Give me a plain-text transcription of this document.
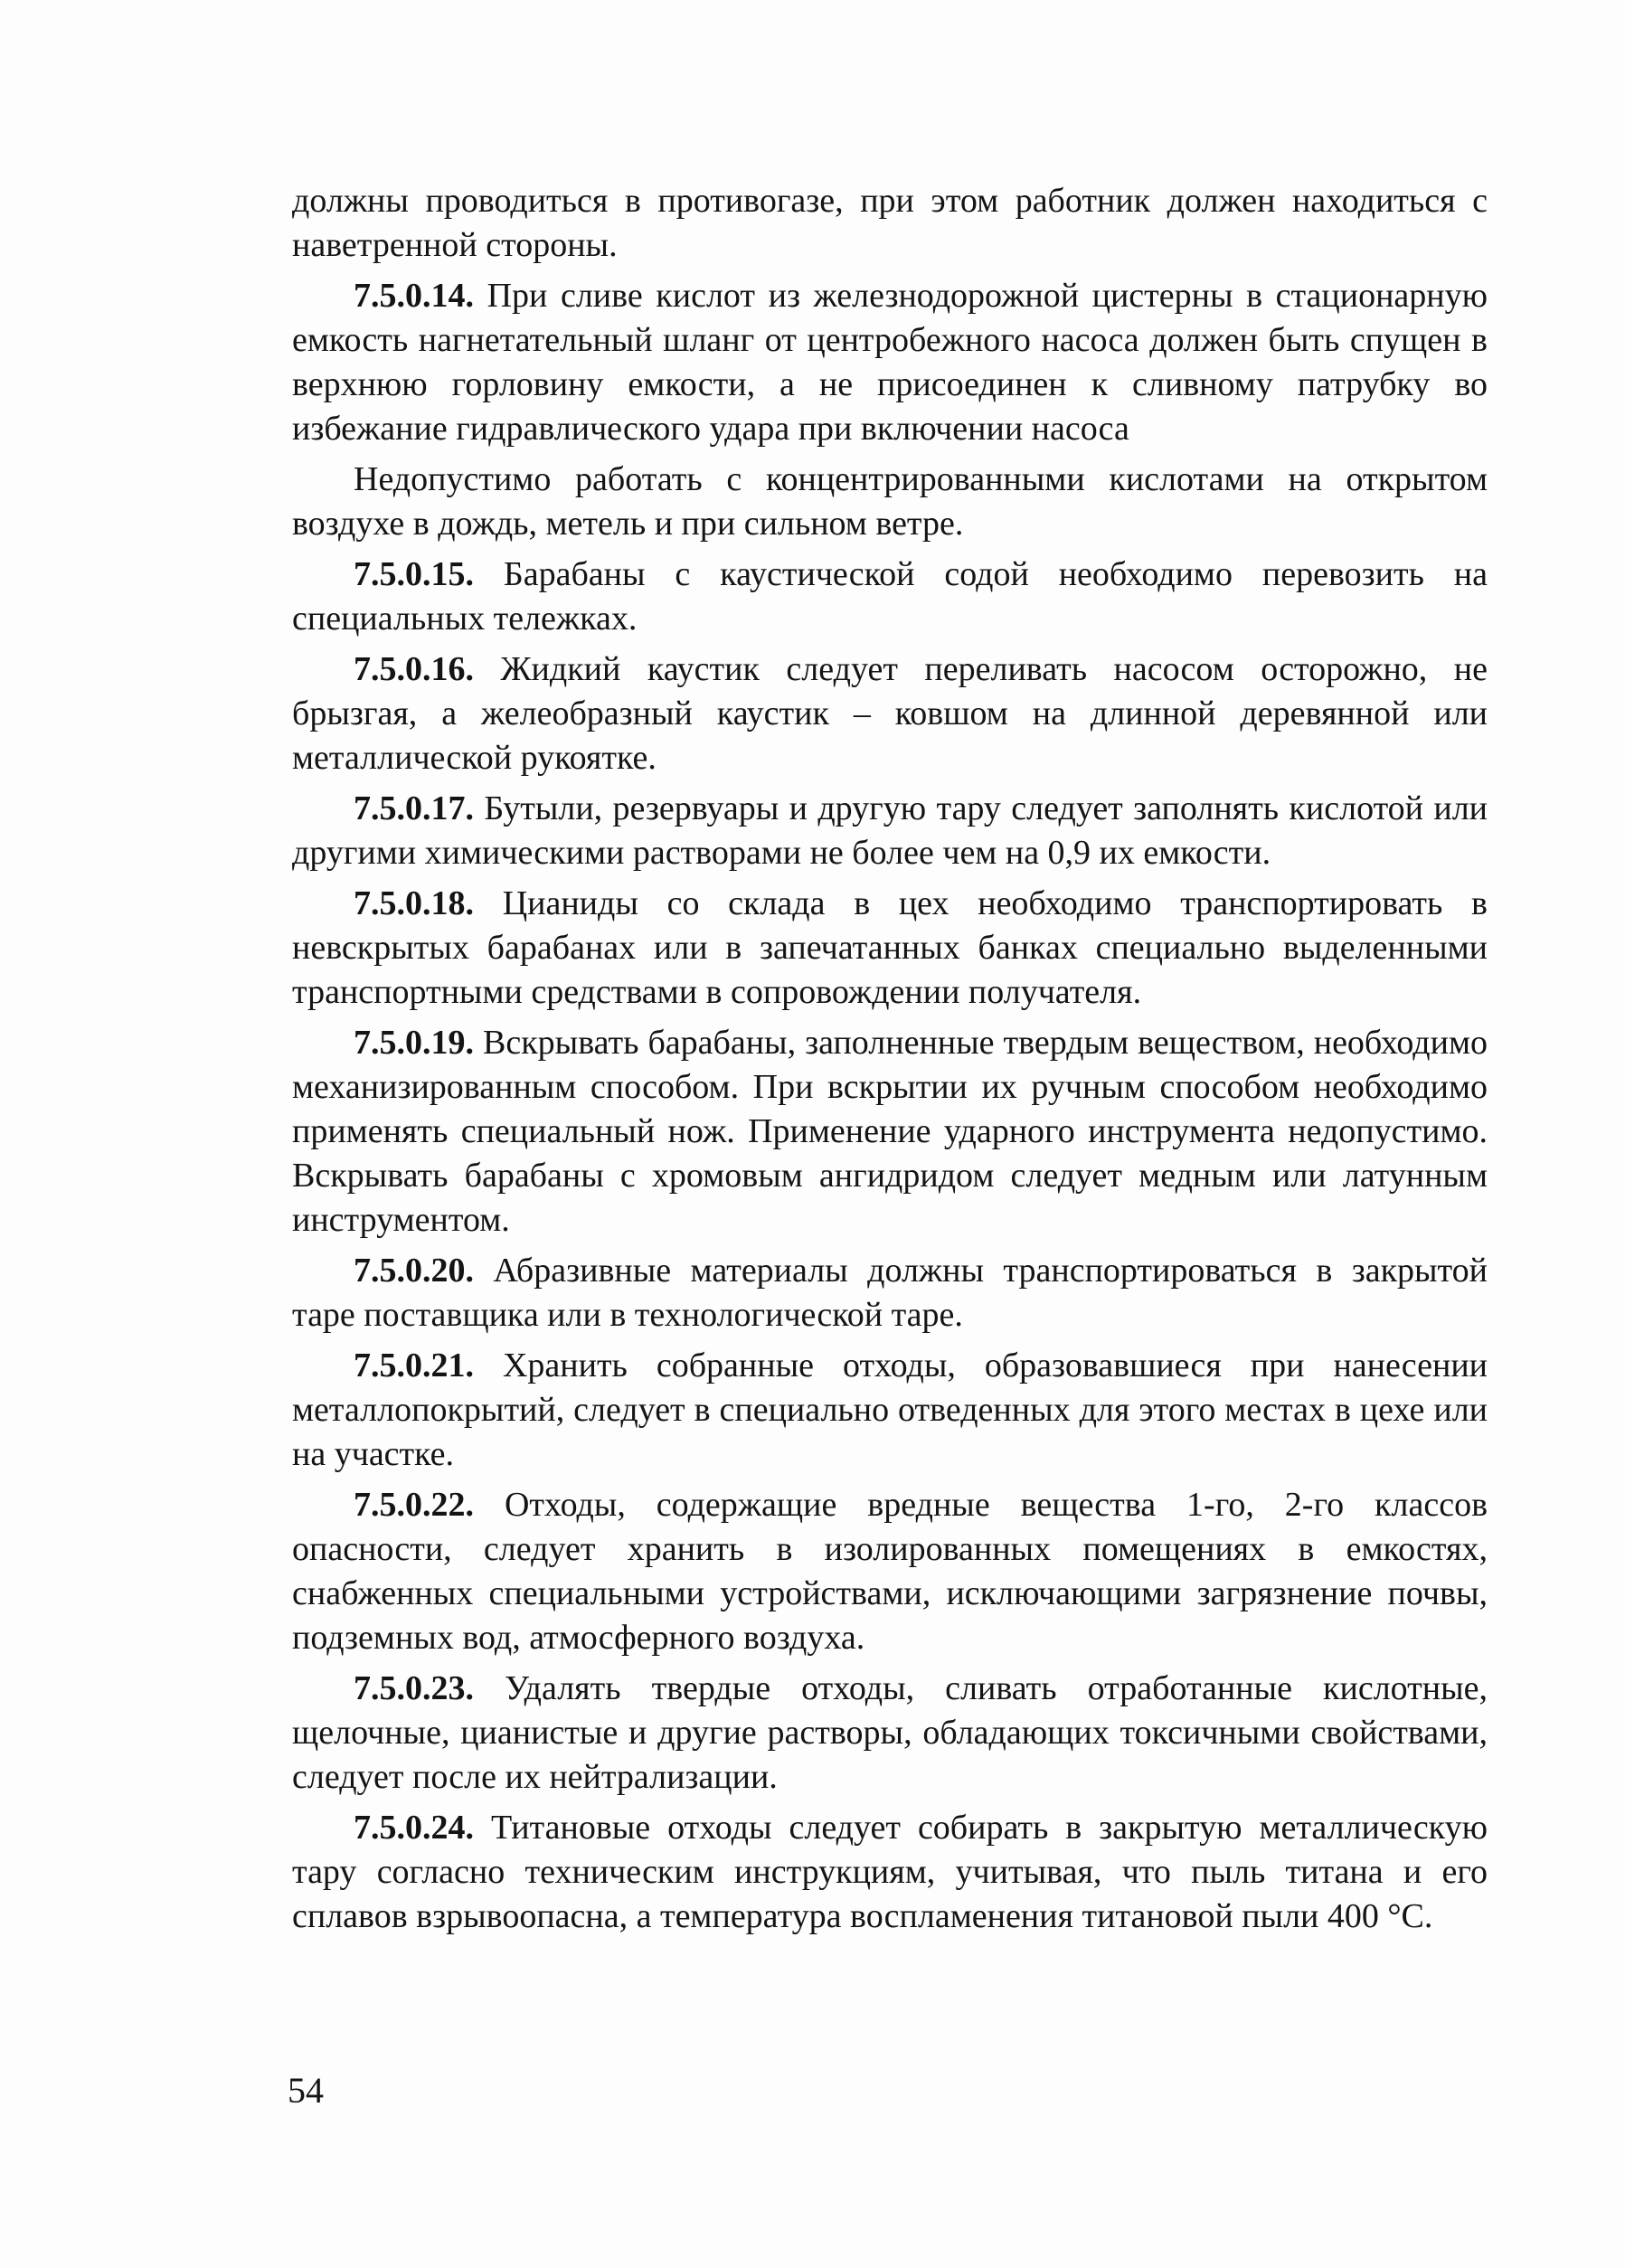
должны проводиться в противогазе, при этом работник должен находиться с наветренной стороны.

7.5.0.14. При сливе кислот из железнодорожной цистерны в стационарную емкость нагнетательный шланг от центробежного насоса должен быть спущен в верхнюю горловину емкости, а не присоединен к сливному патрубку во избежание гидравлического удара при включении насоса

Недопустимо работать с концентрированными кислотами на открытом воздухе в дождь, метель и при сильном ветре.

7.5.0.15. Барабаны с каустической содой необходимо перевозить на специальных тележках.

7.5.0.16. Жидкий каустик следует переливать насосом осторожно, не брызгая, а желеобразный каустик – ковшом на длинной деревянной или металлической рукоятке.

7.5.0.17. Бутыли, резервуары и другую тару следует заполнять кислотой или другими химическими растворами не более чем на 0,9 их емкости.

7.5.0.18. Цианиды со склада в цех необходимо транспортировать в невскрытых барабанах или в запечатанных банках специально выделенными транспортными средствами в сопровождении получателя.

7.5.0.19. Вскрывать барабаны, заполненные твердым веществом, необходимо механизированным способом. При вскрытии их ручным способом необходимо применять специальный нож. Применение ударного инструмента недопустимо. Вскрывать барабаны с хромовым ангидридом следует медным или латунным инструментом.

7.5.0.20. Абразивные материалы должны транспортироваться в закрытой таре поставщика или в технологической таре.

7.5.0.21. Хранить собранные отходы, образовавшиеся при нанесении металлопокрытий, следует в специально отведенных для этого местах в цехе или на участке.

7.5.0.22. Отходы, содержащие вредные вещества 1-го, 2-го классов опасности, следует хранить в изолированных помещениях в емкостях, снабженных специальными устройствами, исключающими загрязнение почвы, подземных вод, атмосферного воздуха.

7.5.0.23. Удалять твердые отходы, сливать отработанные кислотные, щелочные, цианистые и другие растворы, обладающих токсичными свойствами, следует после их нейтрализации.

7.5.0.24. Титановые отходы следует собирать в закрытую металлическую тару согласно техническим инструкциям, учитывая, что пыль титана и его сплавов взрывоопасна, а температура воспламенения титановой пыли 400 °С.

54
